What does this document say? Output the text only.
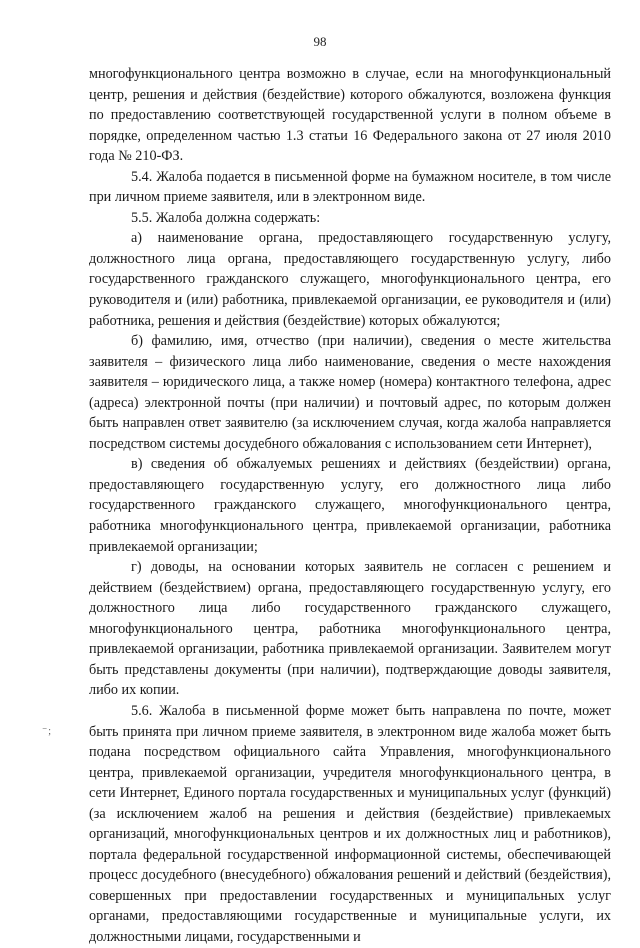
98

многофункционального центра возможно в случае, если на многофункциональный центр, решения и действия (бездействие) которого обжалуются, возложена функция по предоставлению соответствующей государственной услуги в полном объеме в порядке, определенном частью 1.3 статьи 16 Федерального закона от 27 июля 2010 года № 210-ФЗ.

5.4. Жалоба подается в письменной форме на бумажном носителе, в том числе при личном приеме заявителя, или в электронном виде.

5.5. Жалоба должна содержать:

а) наименование органа, предоставляющего государственную услугу, должностного лица органа, предоставляющего государственную услугу, либо государственного гражданского служащего, многофункционального центра, его руководителя и (или) работника, привлекаемой организации, ее руководителя и (или) работника, решения и действия (бездействие) которых обжалуются;

б) фамилию, имя, отчество (при наличии), сведения о месте жительства заявителя – физического лица либо наименование, сведения о месте нахождения заявителя – юридического лица, а также номер (номера) контактного телефона, адрес (адреса) электронной почты (при наличии) и почтовый адрес, по которым должен быть направлен ответ заявителю (за исключением случая, когда жалоба направляется посредством системы досудебного обжалования с использованием сети Интернет),

в) сведения об обжалуемых решениях и действиях (бездействии) органа, предоставляющего государственную услугу, его должностного лица либо государственного гражданского служащего, многофункционального центра, работника многофункционального центра, привлекаемой организации, работника привлекаемой организации;

г) доводы, на основании которых заявитель не согласен с решением и действием (бездействием) органа, предоставляющего государственную услугу, его должностного лица либо государственного гражданского служащего, многофункционального центра, работника многофункционального центра, привлекаемой организации, работника привлекаемой организации. Заявителем могут быть представлены документы (при наличии), подтверждающие доводы заявителя, либо их копии.

5.6. Жалоба в письменной форме может быть направлена по почте, может быть принята при личном приеме заявителя, в электронном виде жалоба может быть подана посредством официального сайта Управления, многофункционального центра, привлекаемой организации, учредителя многофункционального центра, в сети Интернет, Единого портала государственных и муниципальных услуг (функций) (за исключением жалоб на решения и действия (бездействие) привлекаемых организаций, многофункциональных центров и их должностных лиц и работников), портала федеральной государственной информационной системы, обеспечивающей процесс досудебного (внесудебного) обжалования решений и действий (бездействия), совершенных при предоставлении государственных и муниципальных услуг органами, предоставляющими государственные и муниципальные услуги, их должностными лицами, государственными и

⁻;
